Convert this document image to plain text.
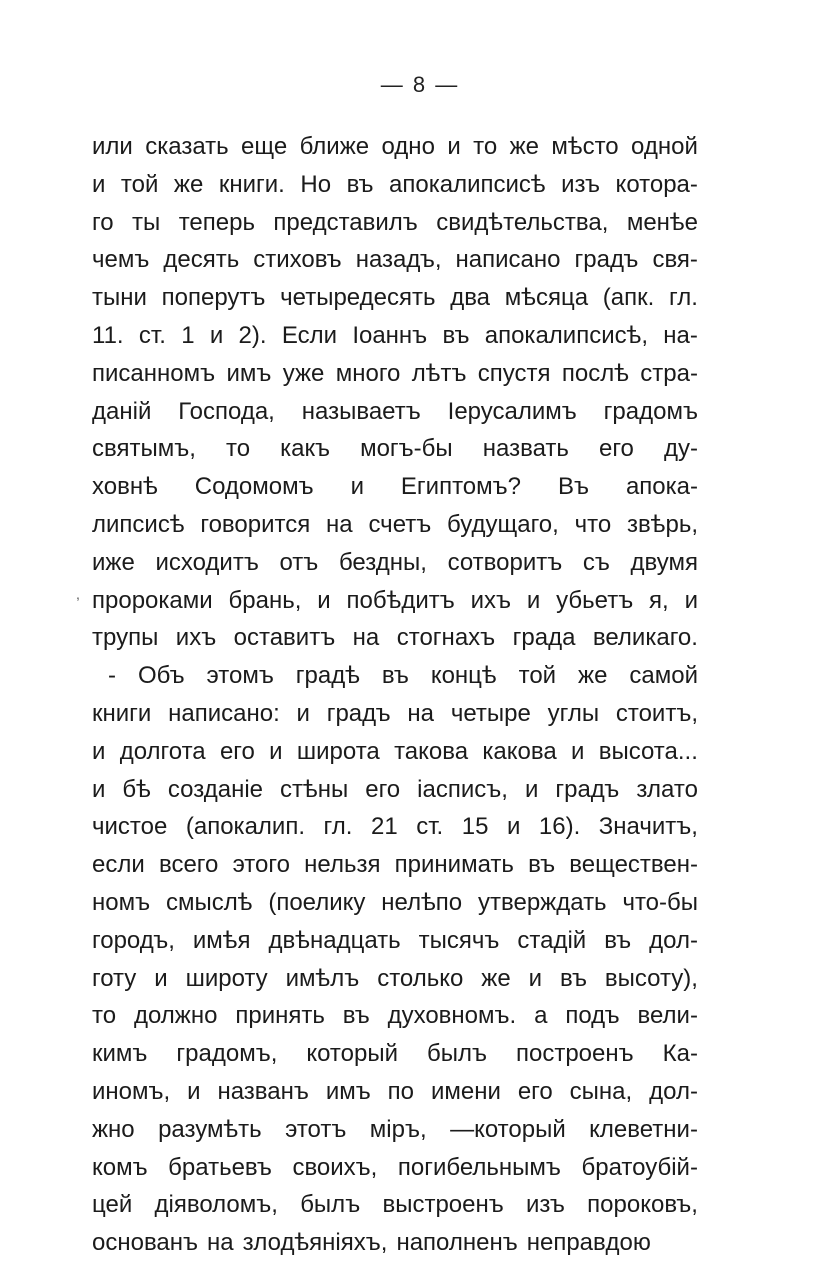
— 8 —
,
или сказать еще ближе одно и то же мѣсто одной
и той же книги. Но въ апокалипсисѣ изъ котора-
го ты теперь представилъ свидѣтельства, менѣе
чемъ десять стиховъ назадъ, написано градъ свя-
тыни поперутъ четыредесять два мѣсяца (апк. гл.
11. ст. 1 и 2). Если Іоаннъ въ апокалипсисѣ, на-
писанномъ имъ уже много лѣтъ спустя послѣ стра-
даній Господа, называетъ Іерусалимъ градомъ
святымъ, то какъ могъ-бы назвать его ду-
ховнѣ Содомомъ и Египтомъ? Въ апока-
липсисѣ говорится на счетъ будущаго, что звѣрь,
иже исходитъ отъ бездны, сотворитъ съ двумя
пророками брань, и побѣдитъ ихъ и убьетъ я, и
трупы ихъ оставитъ на стогнахъ града великаго.
- Объ этомъ градѣ въ концѣ той же самой
книги написано: и градъ на четыре углы стоитъ,
и долгота его и широта такова какова и высота...
и бѣ созданіе стѣны его іасписъ, и градъ злато
чистое (апокалип. гл. 21 ст. 15 и 16). Значитъ,
если всего этого нельзя принимать въ веществен-
номъ смыслѣ (поелику нелѣпо утверждать что-бы
городъ, имѣя двѣнадцать тысячъ стадій въ дол-
готу и широту имѣлъ столько же и въ высоту),
то должно принять въ духовномъ. а подъ вели-
кимъ градомъ, который былъ построенъ Ка-
иномъ, и названъ имъ по имени его сына, дол-
жно разумѣть этотъ міръ, —который клеветни-
комъ братьевъ своихъ, погибельнымъ братоубій-
цей діяволомъ, былъ выстроенъ изъ пороковъ,
основанъ на злодѣяніяхъ, наполненъ неправдою
